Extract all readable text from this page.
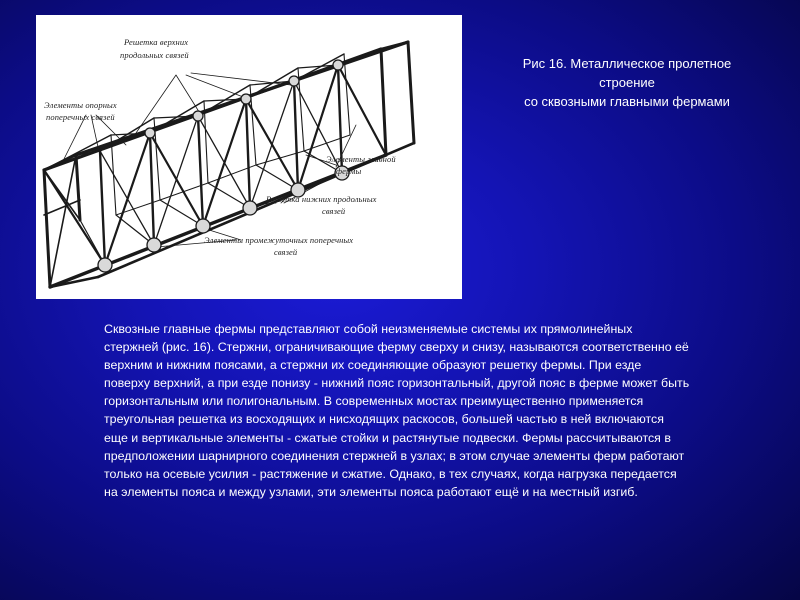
Решетка верхних
продольных связей
Элементы опорных
поперечных связей
Элементы главной
фермы
Решетка нижних продольных
связей
Элементы промежуточных поперечных
связей
Рис 16. Металлическое пролетное
строение
со сквозными главными фермами

Сквозные главные фермы представляют собой неизменяемые системы их прямолинейных стержней (рис. 16). Стержни, ограничивающие ферму сверху и снизу, называются соответственно её верхним и нижним поясами, а стержни их соединяющие образуют решетку фермы. При езде поверху верхний, а при езде понизу - нижний пояс горизонтальный, другой пояс в ферме может быть горизонтальным или полигональным. В современных мостах преимущественно применяется треугольная решетка из восходящих и нисходящих раскосов, большей частью в ней включаются еще и вертикальные элементы - сжатые стойки и растянутые подвески. Фермы рассчитываются в предположении шарнирного соединения стержней в узлах; в этом случае элементы ферм работают только на осевые усилия - растяжение и сжатие. Однако, в тех случаях, когда нагрузка передается на элементы пояса и между узлами, эти элементы пояса работают ещё и на местный изгиб.
